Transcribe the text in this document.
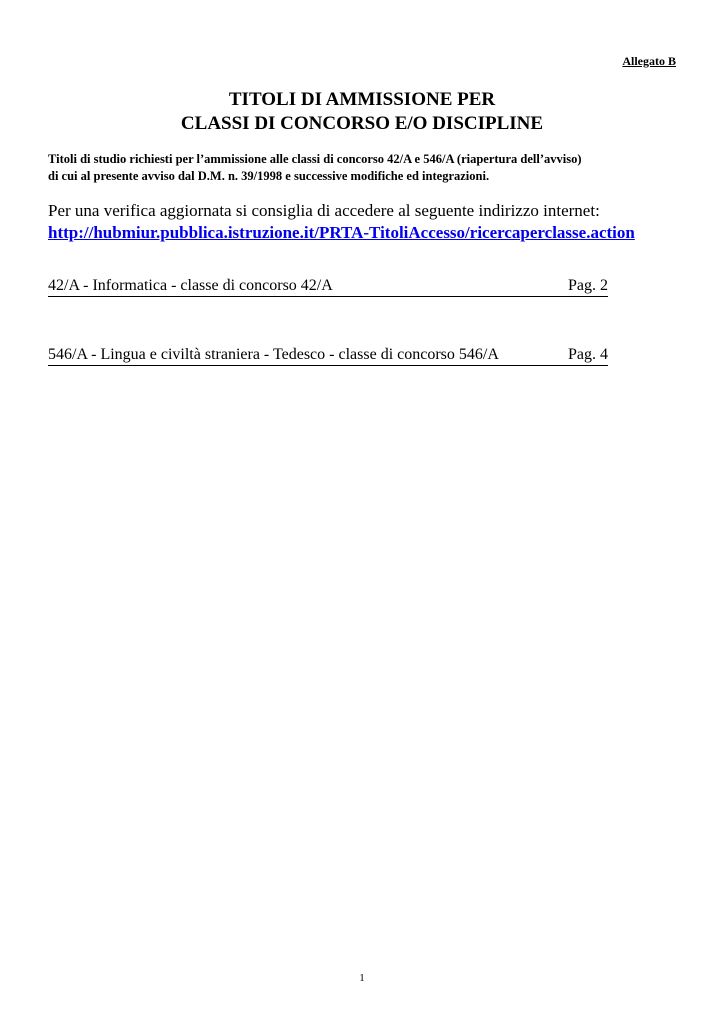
Allegato B
TITOLI DI AMMISSIONE PER
CLASSI DI CONCORSO E/O DISCIPLINE
Titoli di studio richiesti per l’ammissione alle classi di concorso 42/A e 546/A (riapertura dell’avviso)
di cui al presente avviso dal D.M. n. 39/1998 e successive modifiche ed integrazioni.
Per una verifica aggiornata si consiglia di accedere al seguente indirizzo internet:
http://hubmiur.pubblica.istruzione.it/PRTA-TitoliAccesso/ricercaperclasse.action
42/A - Informatica - classe di concorso 42/A	Pag. 2
546/A - Lingua e civiltà straniera - Tedesco - classe di concorso 546/A	Pag. 4
1
